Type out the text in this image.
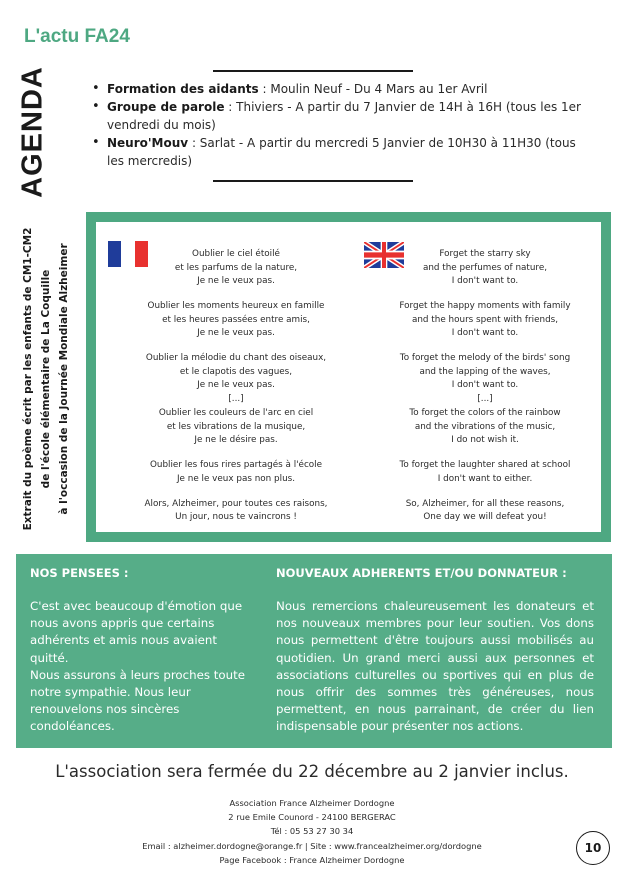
L'actu FA24
AGENDA
•	Formation des aidants : Moulin Neuf - Du 4 Mars au 1er Avril
• Groupe de parole : Thiviers - A partir du 7 Janvier de 14H à 16H (tous les 1er vendredi du mois)
• Neuro'Mouv : Sarlat - A partir du mercredi 5 Janvier de 10H30 à 11H30 (tous les mercredis)
Extrait du poème écrit par les enfants de CM1-CM2 de l'école élémentaire de La Coquille à l'occasion de la Journée Mondiale Alzheimer	Oublier le ciel étoilé
et les parfums de la nature,
Je ne le veux pas.
Oublier les moments heureux en famille
et les heures passées entre amis,
Je ne le veux pas.
Oublier la mélodie du chant des oiseaux,
et le clapotis des vagues,
Je ne le veux pas.
[...]
Oublier les couleurs de l'arc en ciel
et les vibrations de la musique,
Je ne le désire pas.
Oublier les fous rires partagés à l'école
Je ne le veux pas non plus.
Alors, Alzheimer, pour toutes ces raisons,
Un jour, nous te vaincrons !
Forget the starry sky
and the perfumes of nature,
I don't want to.
Forget the happy moments with family
and the hours spent with friends,
I don't want to.
To forget the melody of the birds' song
and the lapping of the waves,
I don't want to.
[...]
To forget the colors of the rainbow
and the vibrations of the music,
I do not wish it.
To forget the laughter shared at school
I don't want to either.
So, Alzheimer, for all these reasons,
One day we will defeat you!
NOS PENSEES :

C'est avec beaucoup d'émotion que nous avons appris que certains adhérents et amis nous avaient quitté.

Nous assurons à leurs proches toute notre sympathie. Nous leur renouvelons nos sincères condoléances.

NOUVEAUX ADHERENTS ET/OU DONNATEUR :

Nous remercions chaleureusement les donateurs et nos nouveaux membres pour leur soutien. Vos dons nous permettent d'être toujours aussi mobilisés au quotidien. Un grand merci aussi aux personnes et associations culturelles ou sportives qui en plus de nous offrir des sommes très généreuses, nous permettent, en nous parrainant, de créer du lien indispensable pour présenter nos actions.

L'association sera fermée du 22 décembre au 2 janvier inclus.
Association France Alzheimer Dordogne
2 rue Emile Counord - 24100 BERGERAC
Tél : 05 53 27 30 34
Email : alzheimer.dordogne@orange.fr | Site : www.francealzheimer.org/dordogne
Page Facebook : France Alzheimer Dordogne
10
